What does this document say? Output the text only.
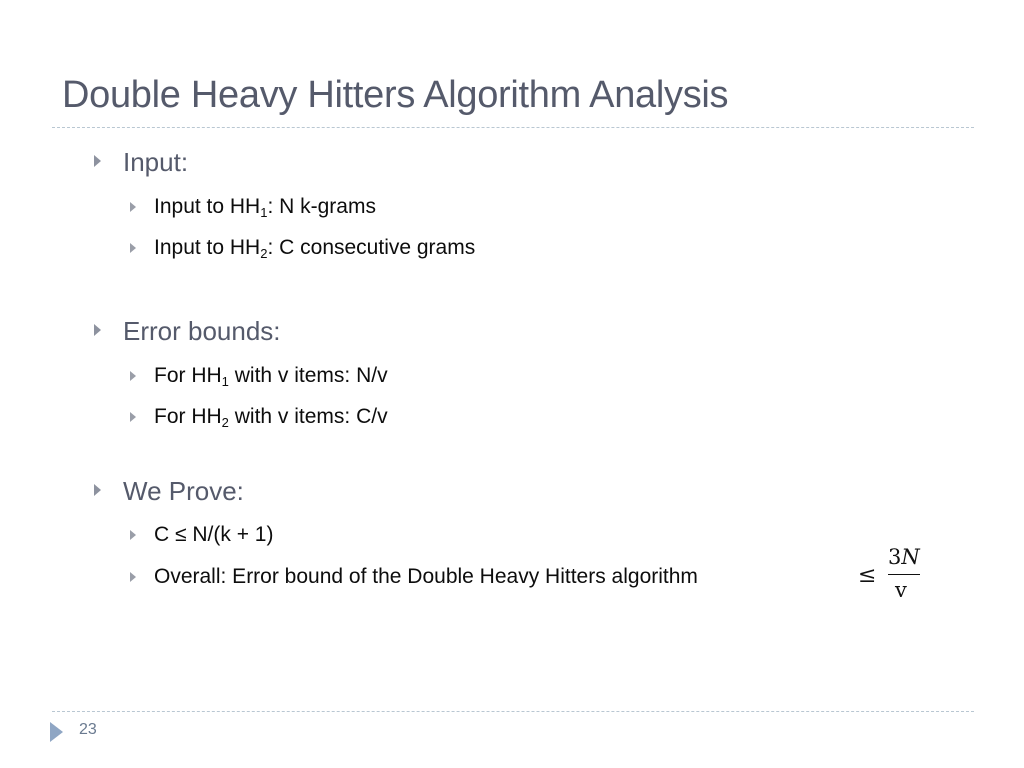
Double Heavy Hitters Algorithm Analysis
Input:
Input to $HH_1$: N k-grams
Input to $HH_2$: C consecutive grams
Error bounds:
For $HH_1$ with v items: N/v
For $HH_2$ with v items: C/v
We Prove:
C ≤ N/(k + 1)
Overall: Error bound of the Double Heavy Hitters algorithm	≤
3N
v
23
